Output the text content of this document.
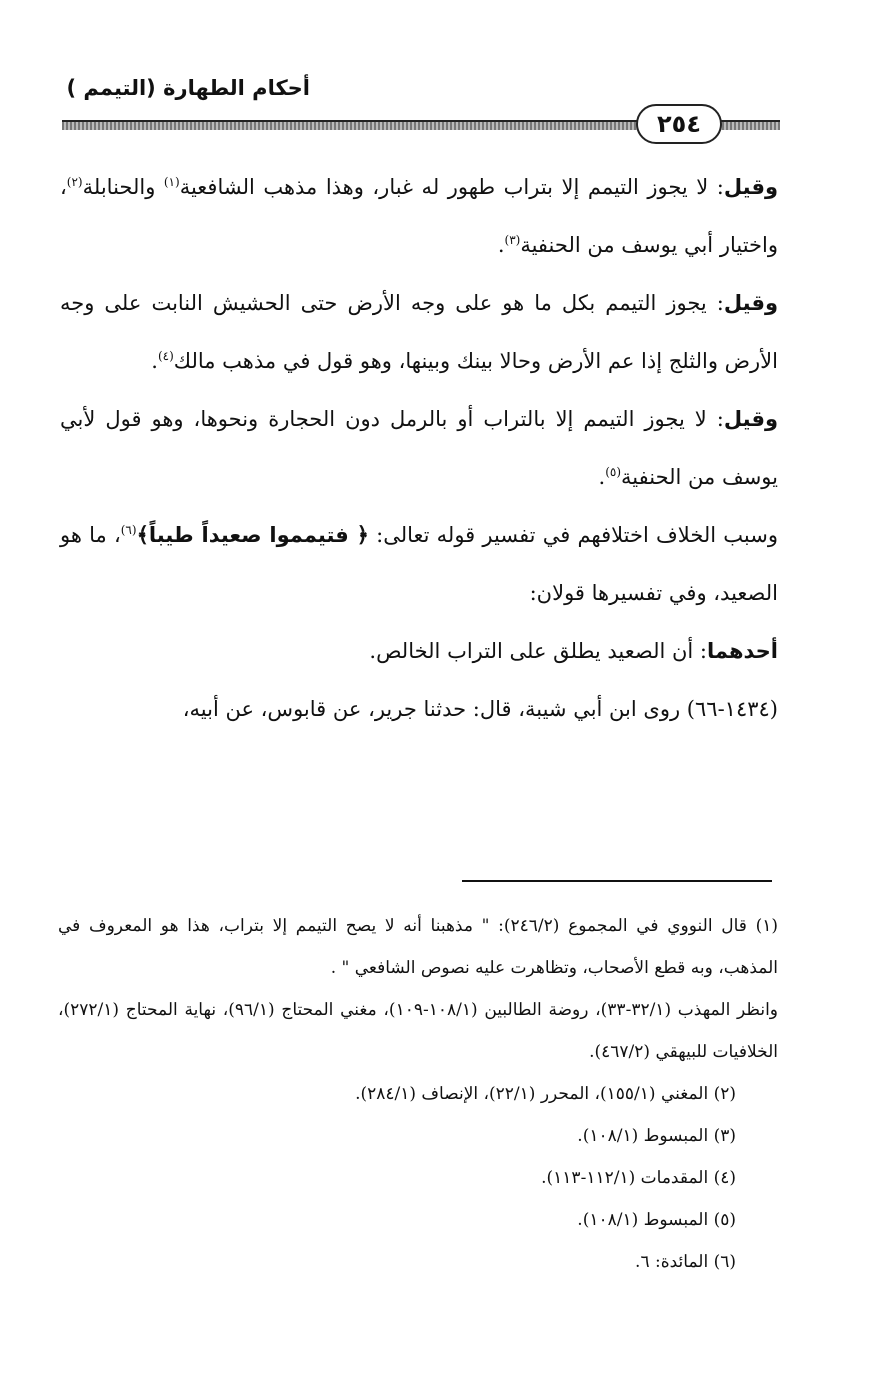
أحكام الطهارة (التيمم )
٢٥٤

وقيل: لا يجوز التيمم إلا بتراب طهور له غبار، وهذا مذهب الشافعية$^{(١)}$ والحنابلة$^{(٢)}$، واختيار أبي يوسف من الحنفية$^{(٣)}$.

وقيل: يجوز التيمم بكل ما هو على وجه الأرض حتى الحشيش النابت على وجه الأرض والثلج إذا عم الأرض وحالا بينك وبينها، وهو قول في مذهب مالك$^{(٤)}$.

وقيل: لا يجوز التيمم إلا بالتراب أو بالرمل دون الحجارة ونحوها، وهو قول لأبي يوسف من الحنفية$^{(٥)}$.

وسبب الخلاف اختلافهم في تفسير قوله تعالى: ﴿ فتيمموا صعيداً طيباً﴾$^{(٦)}$، ما هو الصعيد، وفي تفسيرها قولان:

أحدهما: أن الصعيد يطلق على التراب الخالص.

(١٤٣٤-٦٦) روى ابن أبي شيبة، قال: حدثنا جرير، عن قابوس، عن أبيه،

(١) قال النووي في المجموع (٢٤٦/٢): " مذهبنا أنه لا يصح التيمم إلا بتراب، هذا هو المعروف في المذهب، وبه قطع الأصحاب، وتظاهرت عليه نصوص الشافعي " .

وانظر المهذب (٣٢/١-٣٣)، روضة الطالبين (١٠٨/١-١٠٩)، مغني المحتاج (٩٦/١)، نهاية المحتاج (٢٧٢/١)، الخلافيات للبيهقي (٤٦٧/٢).

(٢) المغني (١٥٥/١)، المحرر (٢٢/١)، الإنصاف (٢٨٤/١).

(٣) المبسوط (١٠٨/١).

(٤) المقدمات (١١٢/١-١١٣).

(٥) المبسوط (١٠٨/١).

(٦) المائدة: ٦.
